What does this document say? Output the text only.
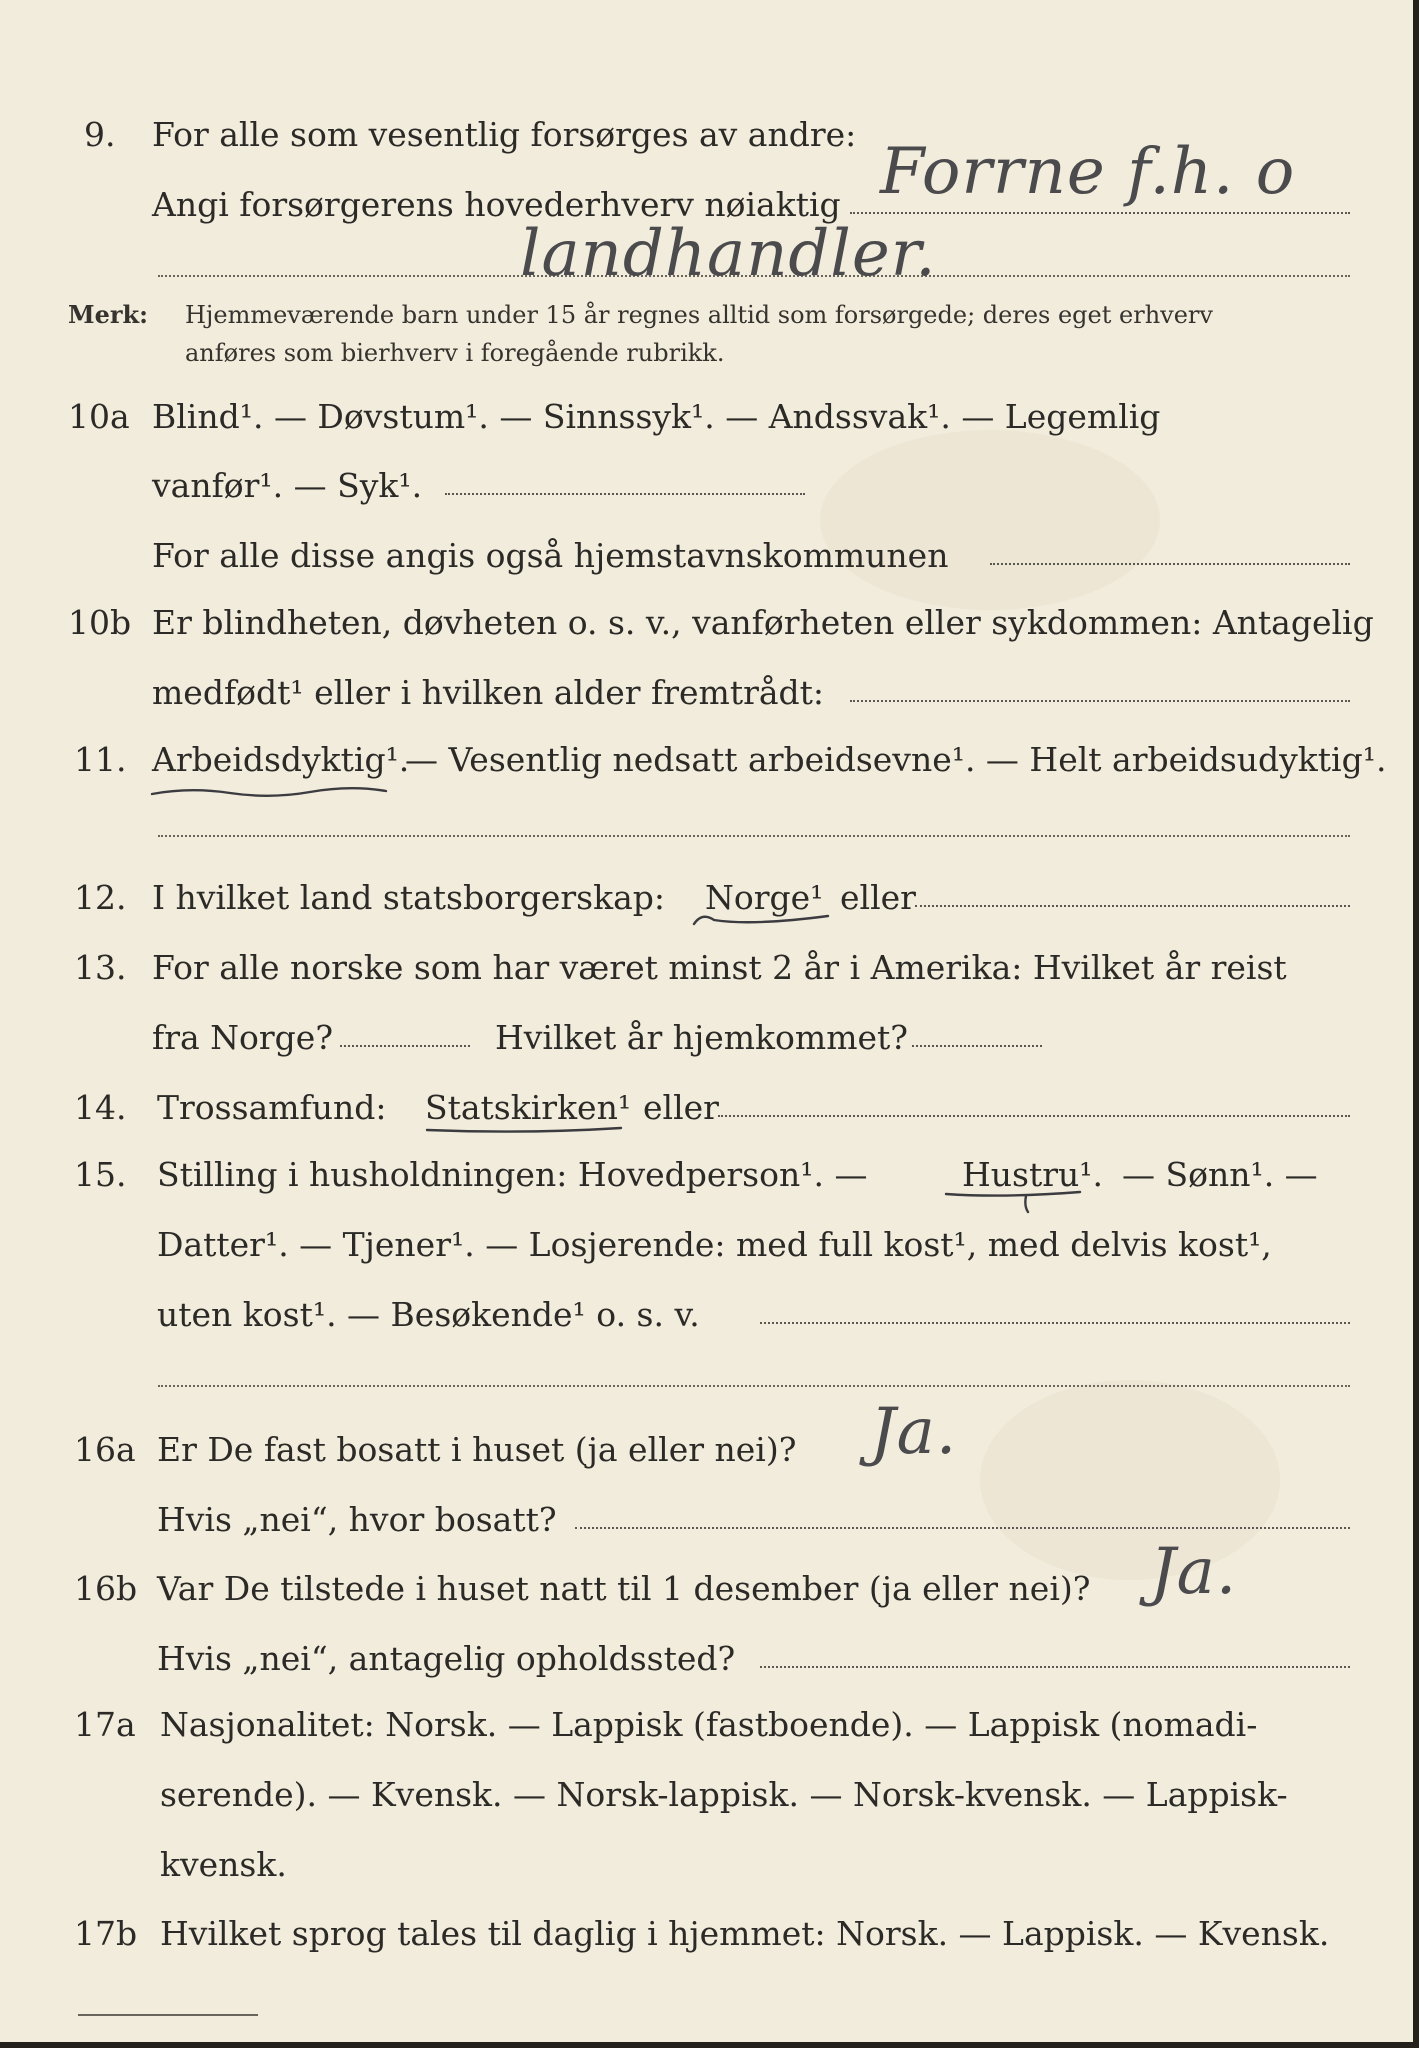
9. For alle som vesentlig forsørges av andre:
Angi forsørgerens hovederhverv nøiaktig Forrne f.h. o
landhandler.
Merk: Hjemmeværende barn under 15 år regnes alltid som forsørgede; deres eget erhverv
anføres som bierhverv i foregående rubrikk.
10a Blind¹. — Døvstum¹. — Sinnssyk¹. — Andssvak¹. — Legemlig
vanfør¹. — Syk¹.
For alle disse angis også hjemstavnskommunen
10b Er blindheten, døvheten o. s. v., vanførheten eller sykdommen: Antagelig
medfødt¹ eller i hvilken alder fremtrådt:
11. Arbeidsdyktig¹.
— Vesentlig nedsatt arbeidsevne¹. — Helt arbeidsudyktig¹.
12. I hvilket land statsborgerskap: Norge¹ eller
13. For alle norske som har været minst 2 år i Amerika: Hvilket år reist
fra Norge?	Hvilket år hjemkommet?
14. Trossamfund: Statskirken¹ eller
15. Stilling i husholdningen: Hovedperson¹. —	Hustru¹. — Sønn¹. —
Datter¹. — Tjener¹. — Losjerende: med full kost¹, med delvis kost¹,
uten kost¹. — Besøkende¹ o. s. v.
16a Er De fast bosatt i huset (ja eller nei)? Ja.
Hvis „nei“, hvor bosatt?
16b Var De tilstede i huset natt til 1 desember (ja eller nei)? Ja.
Hvis „nei“, antagelig opholdssted?
17a Nasjonalitet: Norsk. — Lappisk (fastboende). — Lappisk (nomadi-
serende). — Kvensk. — Norsk-lappisk. — Norsk-kvensk. — Lappisk-
kvensk.
17b Hvilket sprog tales til daglig i hjemmet: Norsk. — Lappisk. — Kvensk.
